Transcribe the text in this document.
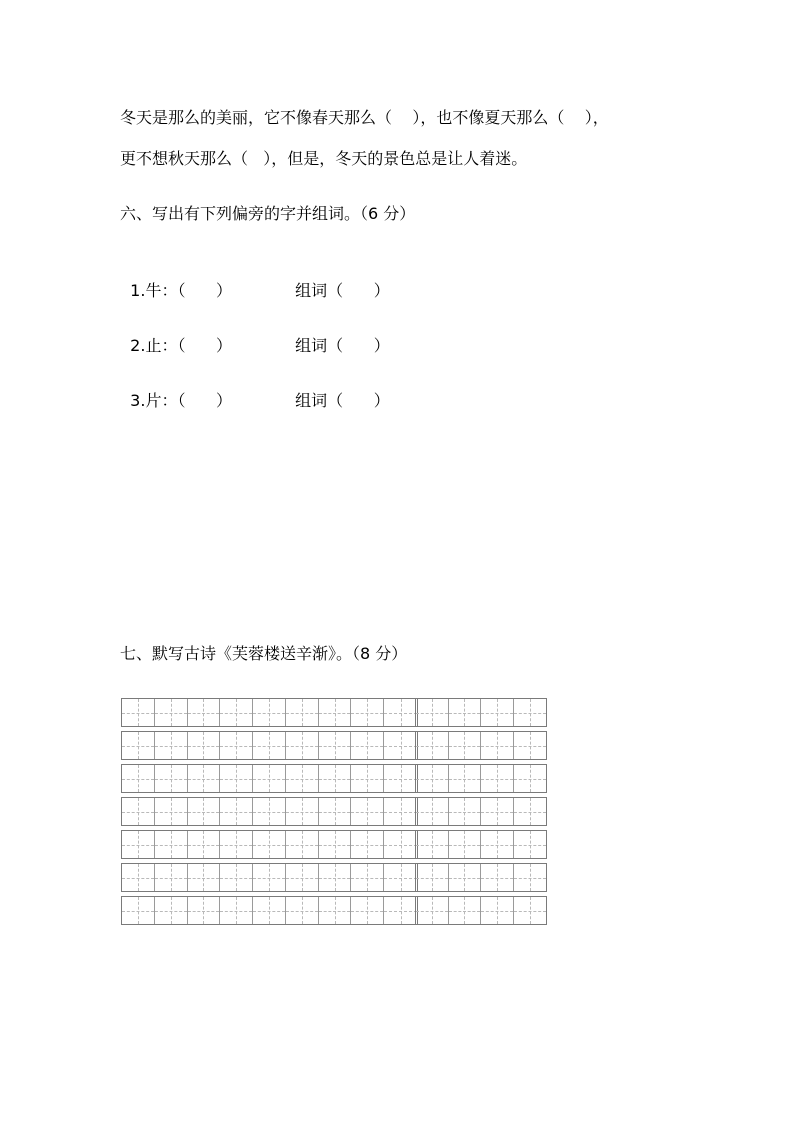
冬天是那么的美丽，它不像春天那么（    ），也不像夏天那么（    ），
更不想秋天那么（   ），但是，冬天的景色总是让人着迷。
六、写出有下列偏旁的字并组词。（6 分）

1.牛：（      ）	组词（      ）

2.止：（      ）	组词（      ）

3.片：（      ）	组词（      ）

七、默写古诗《芙蓉楼送辛渐》。（8 分）
